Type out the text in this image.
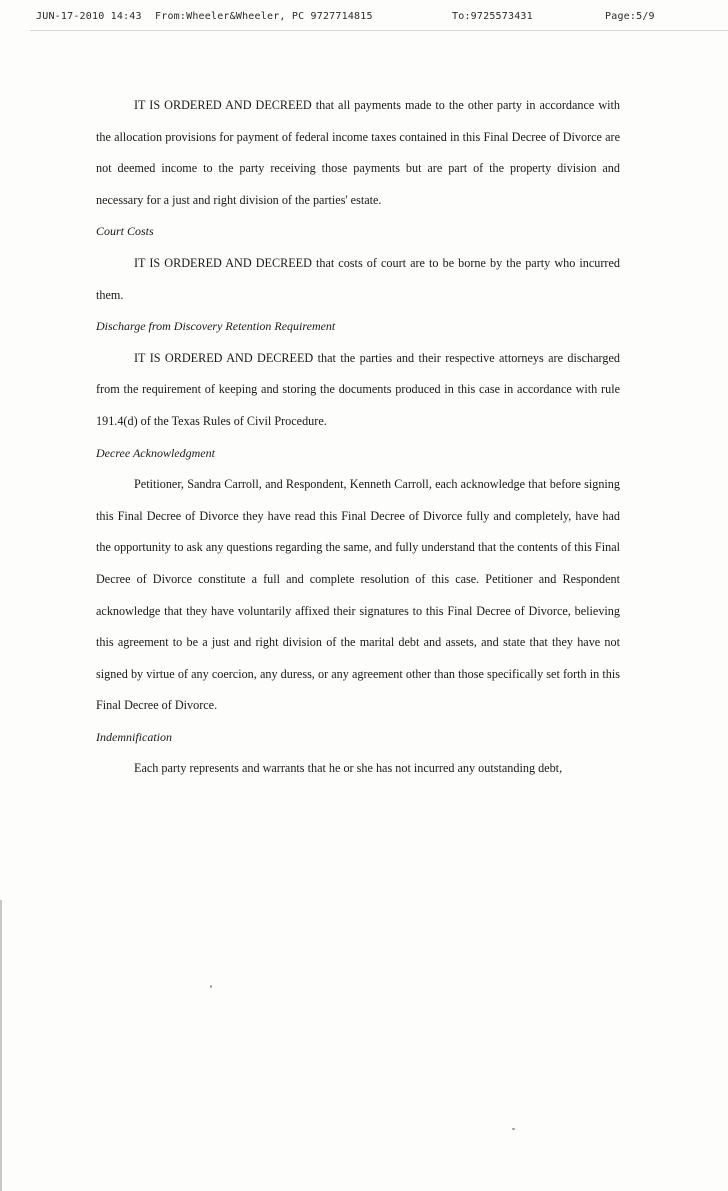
JUN-17-2010 14:43 From:Wheeler&Wheeler, PC 9727714815	To:9725573431	Page:5/9

IT IS ORDERED AND DECREED that all payments made to the other party in accordance with the allocation provisions for payment of federal income taxes contained in this Final Decree of Divorce are not deemed income to the party receiving those payments but are part of the property division and necessary for a just and right division of the parties' estate.

Court Costs

IT IS ORDERED AND DECREED that costs of court are to be borne by the party who incurred them.

Discharge from Discovery Retention Requirement

IT IS ORDERED AND DECREED that the parties and their respective attorneys are discharged from the requirement of keeping and storing the documents produced in this case in accordance with rule 191.4(d) of the Texas Rules of Civil Procedure.

Decree Acknowledgment

Petitioner, Sandra Carroll, and Respondent, Kenneth Carroll, each acknowledge that before signing this Final Decree of Divorce they have read this Final Decree of Divorce fully and completely, have had the opportunity to ask any questions regarding the same, and fully understand that the contents of this Final Decree of Divorce constitute a full and complete resolution of this case. Petitioner and Respondent acknowledge that they have voluntarily affixed their signatures to this Final Decree of Divorce, believing this agreement to be a just and right division of the marital debt and assets, and state that they have not signed by virtue of any coercion, any duress, or any agreement other than those specifically set forth in this Final Decree of Divorce.

Indemnification

Each party represents and warrants that he or she has not incurred any outstanding debt,
